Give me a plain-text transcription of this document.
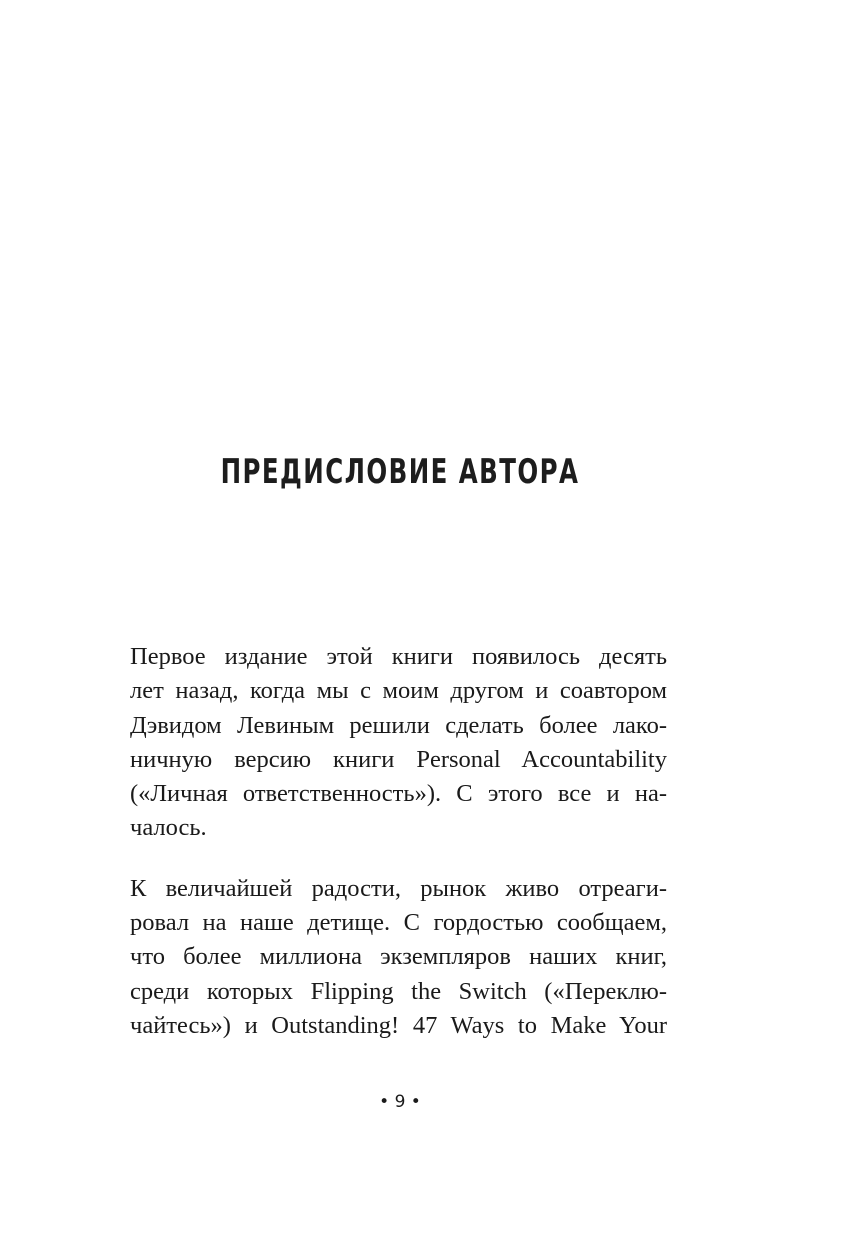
ПРЕДИСЛОВИЕ АВТОРА

Первое издание этой книги появилось десять
лет назад, когда мы с моим другом и соавтором
Дэвидом Левиным решили сделать более лако-
ничную версию книги Personal Accountability
(«Личная ответственность»). С этого все и на-
чалось.

К величайшей радости, рынок живо отреаги-
ровал на наше детище. С гордостью сообщаем,
что более миллиона экземпляров наших книг,
среди которых Flipping the Switch («Переклю-
чайтесь») и Outstanding! 47 Ways to Make Your

• 9 •
